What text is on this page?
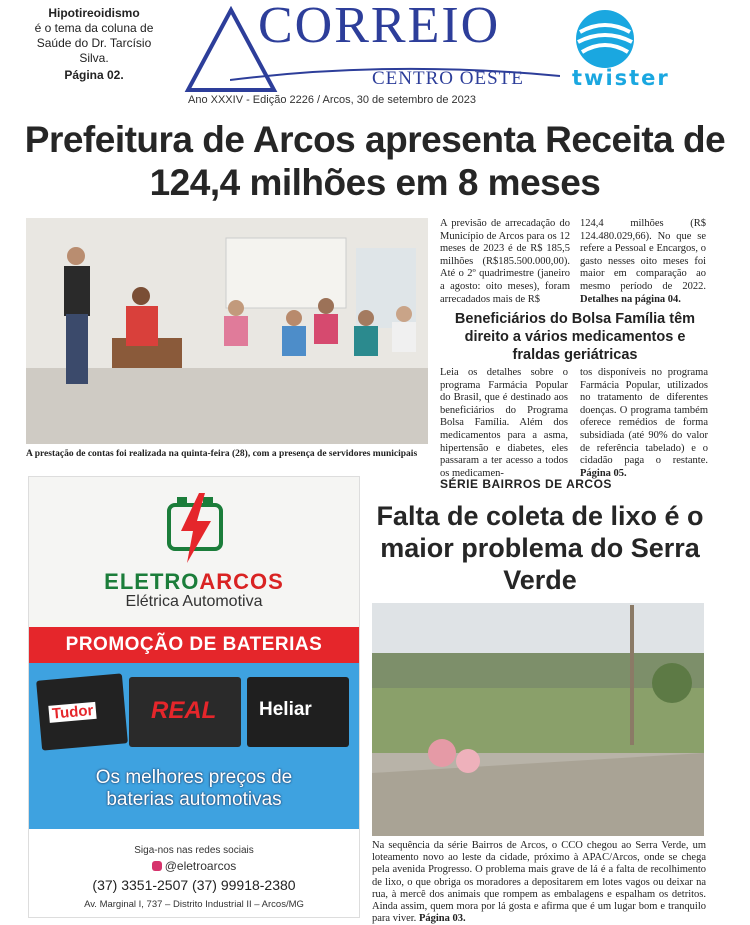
Hipotireoidismo
é o tema da coluna de Saúde do Dr. Tarcísio Silva.
Página 02.
CORREIO
CENTRO OESTE
Ano XXXIV - Edição 2226 / Arcos, 30 de setembro de 2023
twister
Prefeitura de Arcos apresenta Receita de 124,4 milhões em 8 meses
A prestação de contas foi realizada na quinta-feira (28), com a presença de servidores municipais
A previsão de arrecadação do Município de Arcos para os 12 meses de 2023 é de R$ 185,5 milhões (R$185.500.000,00). Até o 2º quadrimestre (janeiro a agosto: oito meses), foram arrecadados mais de R$
124,4 milhões (R$ 124.480.029,66). No que se refere a Pessoal e Encargos, o gasto nesses oito meses foi maior em comparação ao mesmo período de 2022. Detalhes na página 04.
Beneficiários do Bolsa Família têm direito a vários medicamentos e fraldas geriátricas
Leia os detalhes sobre o programa Farmácia Popular do Brasil, que é destinado aos beneficiários do Programa Bolsa Família. Além dos medicamentos para a asma, hipertensão e diabetes, eles passaram a ter acesso a todos os medicamen-
tos disponíveis no programa Farmácia Popular, utilizados no tratamento de diferentes doenças. O programa também oferece remédios de forma subsidiada (até 90% do valor de referência tabelado) e o cidadão paga o restante. Página 05.
SÉRIE BAIRROS DE ARCOS
Falta de coleta de lixo é o maior problema do Serra Verde
Na sequência da série Bairros de Arcos, o CCO chegou ao Serra Verde, um loteamento novo ao leste da cidade, próximo à APAC/Arcos, onde se chega pela avenida Progresso. O problema mais grave de lá é a falta de recolhimento de lixo, o que obriga os moradores a depositarem em lotes vagos ou deixar na rua, à mercê dos animais que rompem as embalagens e espalham os detritos. Ainda assim, quem mora por lá gosta e afirma que é um lugar bom e tranquilo para viver. Página 03.
ELETROARCOS
Elétrica Automotiva
PROMOÇÃO DE BATERIAS
Tudor REAL Heliar
Os melhores preços de
baterias automotivas
Siga-nos nas redes sociais
@eletroarcos
(37) 3351-2507 (37) 99918-2380
Av. Marginal I, 737 – Distrito Industrial II – Arcos/MG
